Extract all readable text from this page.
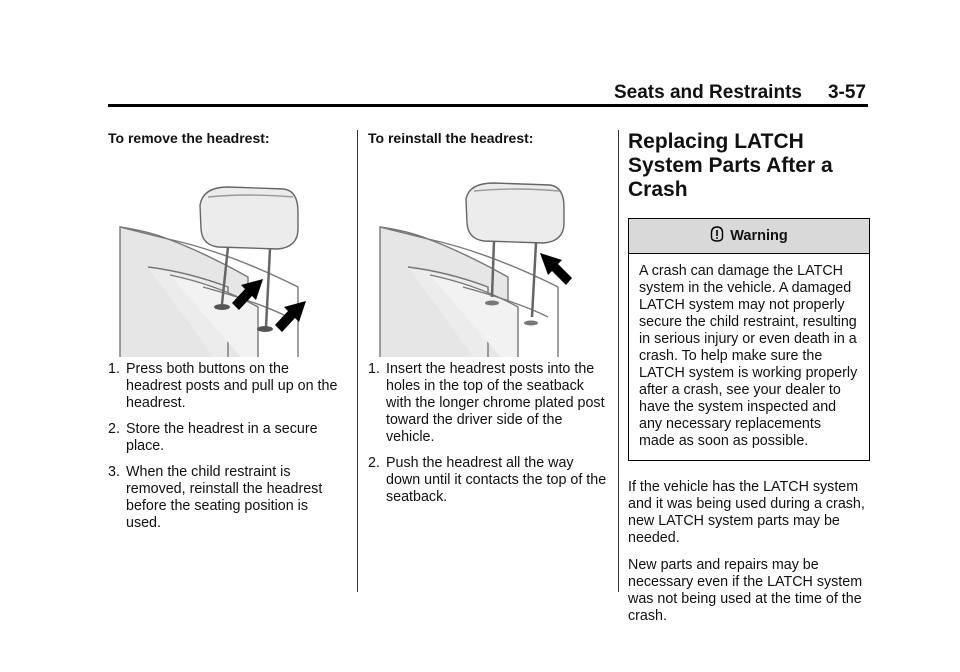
Seats and Restraints 3-57
To remove the headrest:
1. Press both buttons on the headrest posts and pull up on the headrest.
2. Store the headrest in a secure place.
3. When the child restraint is removed, reinstall the headrest before the seating position is used.
To reinstall the headrest:
1. Insert the headrest posts into the holes in the top of the seatback with the longer chrome plated post toward the driver side of the vehicle.
2. Push the headrest all the way down until it contacts the top of the seatback.
Replacing LATCH System Parts After a Crash
Warning
A crash can damage the LATCH system in the vehicle. A damaged LATCH system may not properly secure the child restraint, resulting in serious injury or even death in a crash. To help make sure the LATCH system is working properly after a crash, see your dealer to have the system inspected and any necessary replacements made as soon as possible.

If the vehicle has the LATCH system and it was being used during a crash, new LATCH system parts may be needed.

New parts and repairs may be necessary even if the LATCH system was not being used at the time of the crash.
